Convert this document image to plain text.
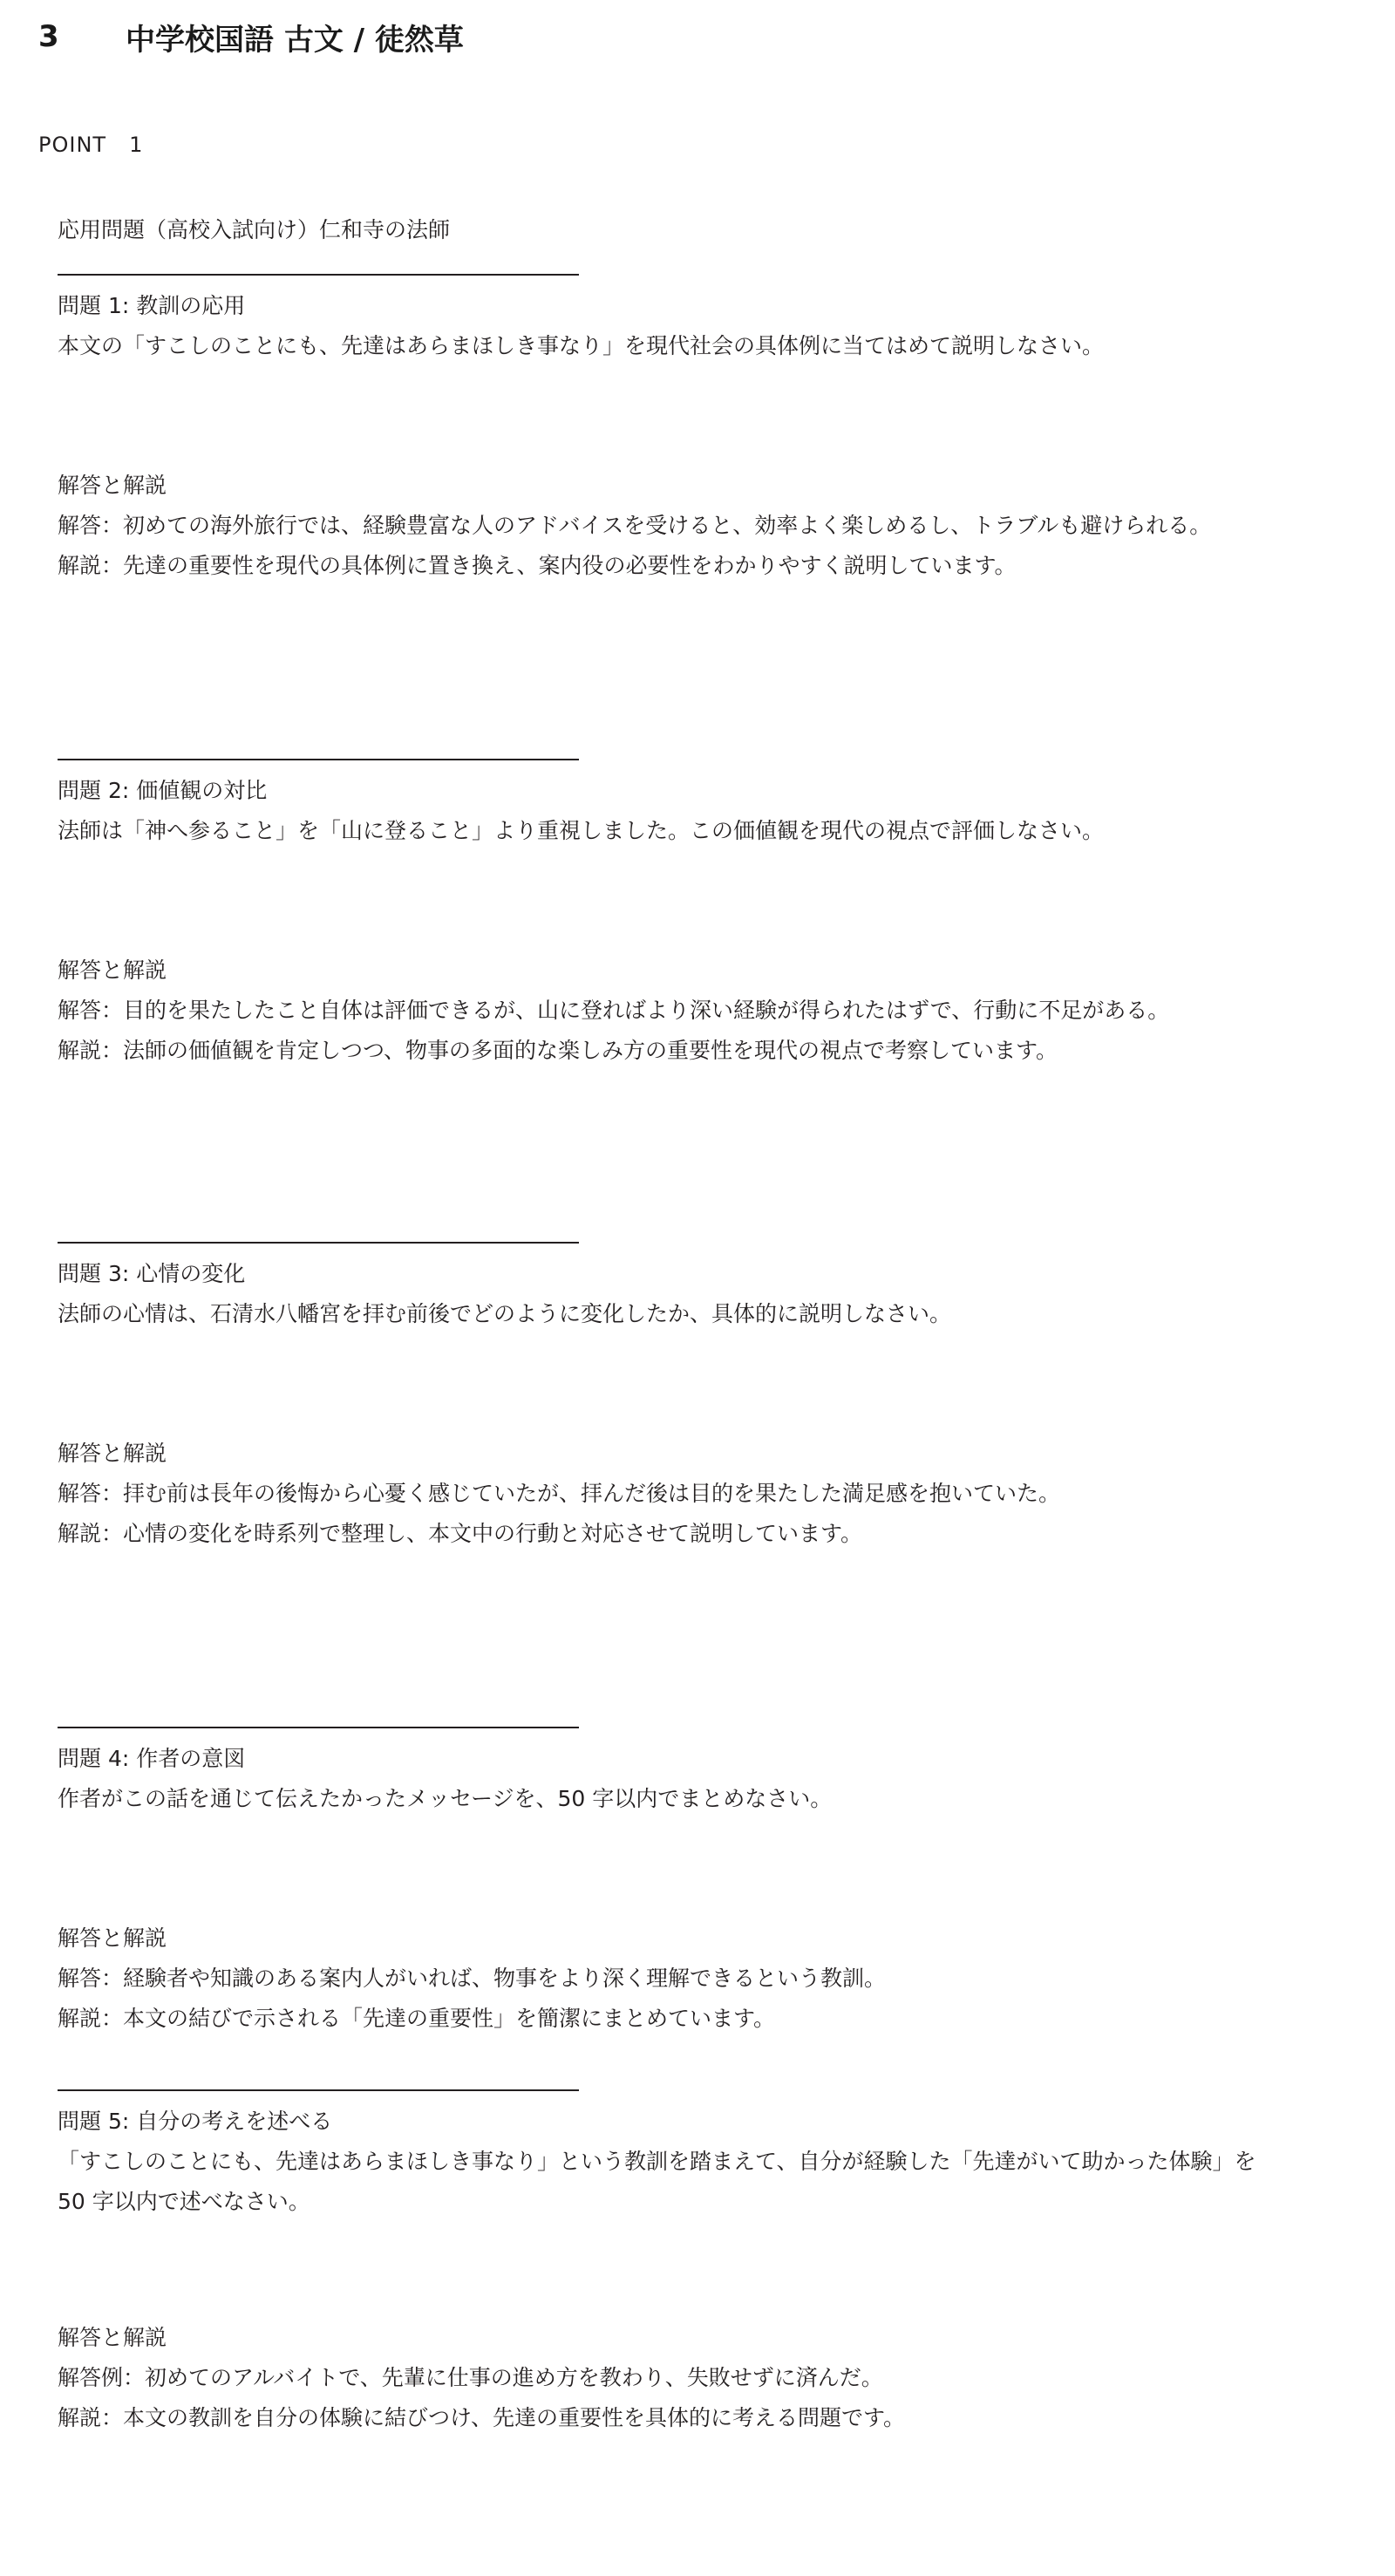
3	中学校国語 古文 / 徒然草
POINT 1
応用問題（高校入試向け）仁和寺の法師
問題 1: 教訓の応用
本文の「すこしのことにも、先達はあらまほしき事なり」を現代社会の具体例に当てはめて説明しなさい。
解答と解説
解答：初めての海外旅行では、経験豊富な人のアドバイスを受けると、効率よく楽しめるし、トラブルも避けられる。
解説：先達の重要性を現代の具体例に置き換え、案内役の必要性をわかりやすく説明しています。
問題 2: 価値観の対比
法師は「神へ参ること」を「山に登ること」より重視しました。この価値観を現代の視点で評価しなさい。
解答と解説
解答：目的を果たしたこと自体は評価できるが、山に登ればより深い経験が得られたはずで、行動に不足がある。
解説：法師の価値観を肯定しつつ、物事の多面的な楽しみ方の重要性を現代の視点で考察しています。
問題 3: 心情の変化
法師の心情は、石清水八幡宮を拝む前後でどのように変化したか、具体的に説明しなさい。
解答と解説
解答：拝む前は長年の後悔から心憂く感じていたが、拝んだ後は目的を果たした満足感を抱いていた。
解説：心情の変化を時系列で整理し、本文中の行動と対応させて説明しています。
問題 4: 作者の意図
作者がこの話を通じて伝えたかったメッセージを、50 字以内でまとめなさい。
解答と解説
解答：経験者や知識のある案内人がいれば、物事をより深く理解できるという教訓。
解説：本文の結びで示される「先達の重要性」を簡潔にまとめています。
問題 5: 自分の考えを述べる
「すこしのことにも、先達はあらまほしき事なり」という教訓を踏まえて、自分が経験した「先達がいて助かった体験」を
50 字以内で述べなさい。
解答と解説
解答例：初めてのアルバイトで、先輩に仕事の進め方を教わり、失敗せずに済んだ。
解説：本文の教訓を自分の体験に結びつけ、先達の重要性を具体的に考える問題です。
